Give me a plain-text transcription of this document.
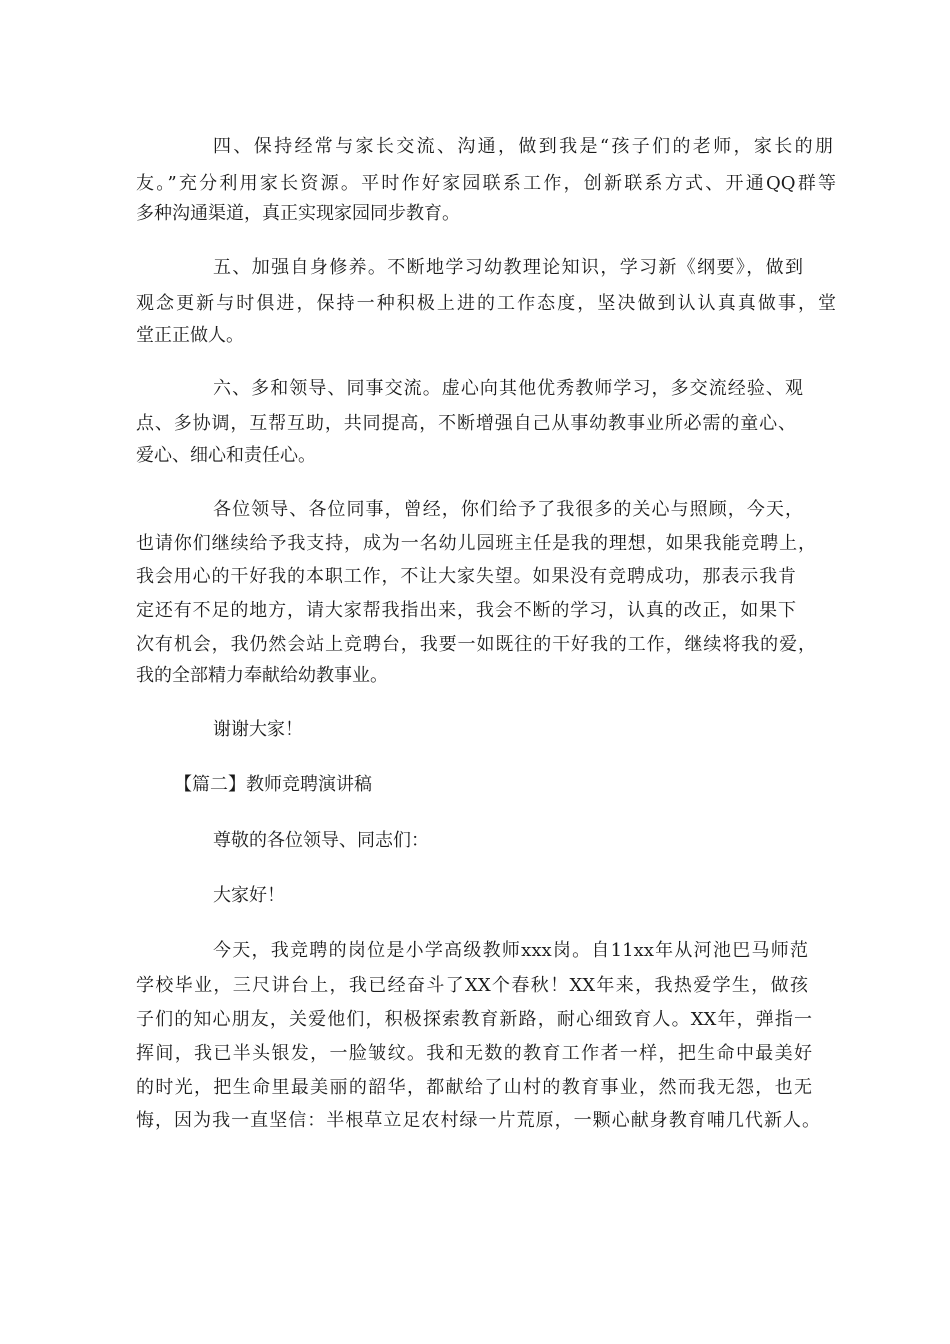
四、保持经常与家长交流、沟通，做到我是“孩子们的老师，家长的朋
友。”充分利用家长资源。平时作好家园联系工作，创新联系方式、开通QQ群等
多种沟通渠道，真正实现家园同步教育。
五、加强自身修养。不断地学习幼教理论知识，学习新《纲要》，做到
观念更新与时俱进，保持一种积极上进的工作态度，坚决做到认认真真做事，堂
堂正正做人。
六、多和领导、同事交流。虚心向其他优秀教师学习，多交流经验、观
点、多协调，互帮互助，共同提高，不断增强自己从事幼教事业所必需的童心、
爱心、细心和责任心。
各位领导、各位同事，曾经，你们给予了我很多的关心与照顾，今天，
也请你们继续给予我支持，成为一名幼儿园班主任是我的理想，如果我能竞聘上，
我会用心的干好我的本职工作，不让大家失望。如果没有竞聘成功，那表示我肯
定还有不足的地方，请大家帮我指出来，我会不断的学习，认真的改正，如果下
次有机会，我仍然会站上竞聘台，我要一如既往的干好我的工作，继续将我的爱，
我的全部精力奉献给幼教事业。
谢谢大家！
【篇二】教师竞聘演讲稿
尊敬的各位领导、同志们：
大家好！
今天，我竞聘的岗位是小学高级教师xxx岗。自11xx年从河池巴马师范
学校毕业，三尺讲台上，我已经奋斗了XX个春秋！XX年来，我热爱学生，做孩
子们的知心朋友，关爱他们，积极探索教育新路，耐心细致育人。XX年，弹指一
挥间，我已半头银发，一脸皱纹。我和无数的教育工作者一样，把生命中最美好
的时光，把生命里最美丽的韶华，都献给了山村的教育事业，然而我无怨，也无
悔，因为我一直坚信：半根草立足农村绿一片荒原，一颗心献身教育哺几代新人。
